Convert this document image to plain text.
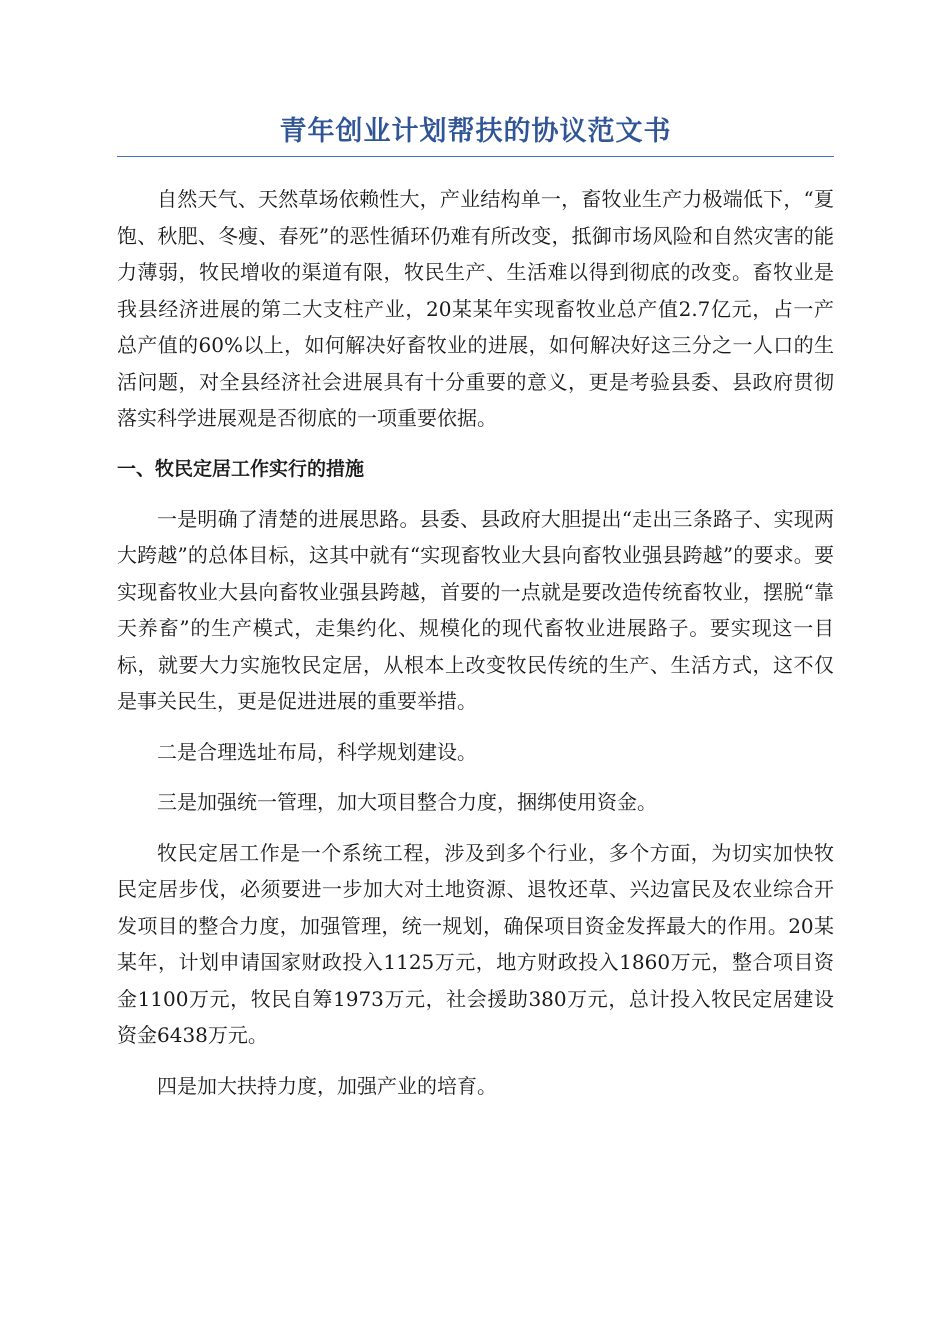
青年创业计划帮扶的协议范文书

自然天气、天然草场依赖性大，产业结构单一，畜牧业生产力极端低下，“夏饱、秋肥、冬瘦、春死”的恶性循环仍难有所改变，抵御市场风险和自然灾害的能力薄弱，牧民增收的渠道有限，牧民生产、生活难以得到彻底的改变。畜牧业是我县经济进展的第二大支柱产业，20某某年实现畜牧业总产值2.7亿元，占一产总产值的60%以上，如何解决好畜牧业的进展，如何解决好这三分之一人口的生活问题，对全县经济社会进展具有十分重要的意义，更是考验县委、县政府贯彻落实科学进展观是否彻底的一项重要依据。

一、牧民定居工作实行的措施

一是明确了清楚的进展思路。县委、县政府大胆提出“走出三条路子、实现两大跨越”的总体目标，这其中就有“实现畜牧业大县向畜牧业强县跨越”的要求。要实现畜牧业大县向畜牧业强县跨越，首要的一点就是要改造传统畜牧业，摆脱“靠天养畜”的生产模式，走集约化、规模化的现代畜牧业进展路子。要实现这一目标，就要大力实施牧民定居，从根本上改变牧民传统的生产、生活方式，这不仅是事关民生，更是促进进展的重要举措。

二是合理选址布局，科学规划建设。

三是加强统一管理，加大项目整合力度，捆绑使用资金。

牧民定居工作是一个系统工程，涉及到多个行业，多个方面，为切实加快牧民定居步伐，必须要进一步加大对土地资源、退牧还草、兴边富民及农业综合开发项目的整合力度，加强管理，统一规划，确保项目资金发挥最大的作用。20某某年，计划申请国家财政投入1125万元，地方财政投入1860万元，整合项目资金1100万元，牧民自筹1973万元，社会援助380万元，总计投入牧民定居建设资金6438万元。

四是加大扶持力度，加强产业的培育。
